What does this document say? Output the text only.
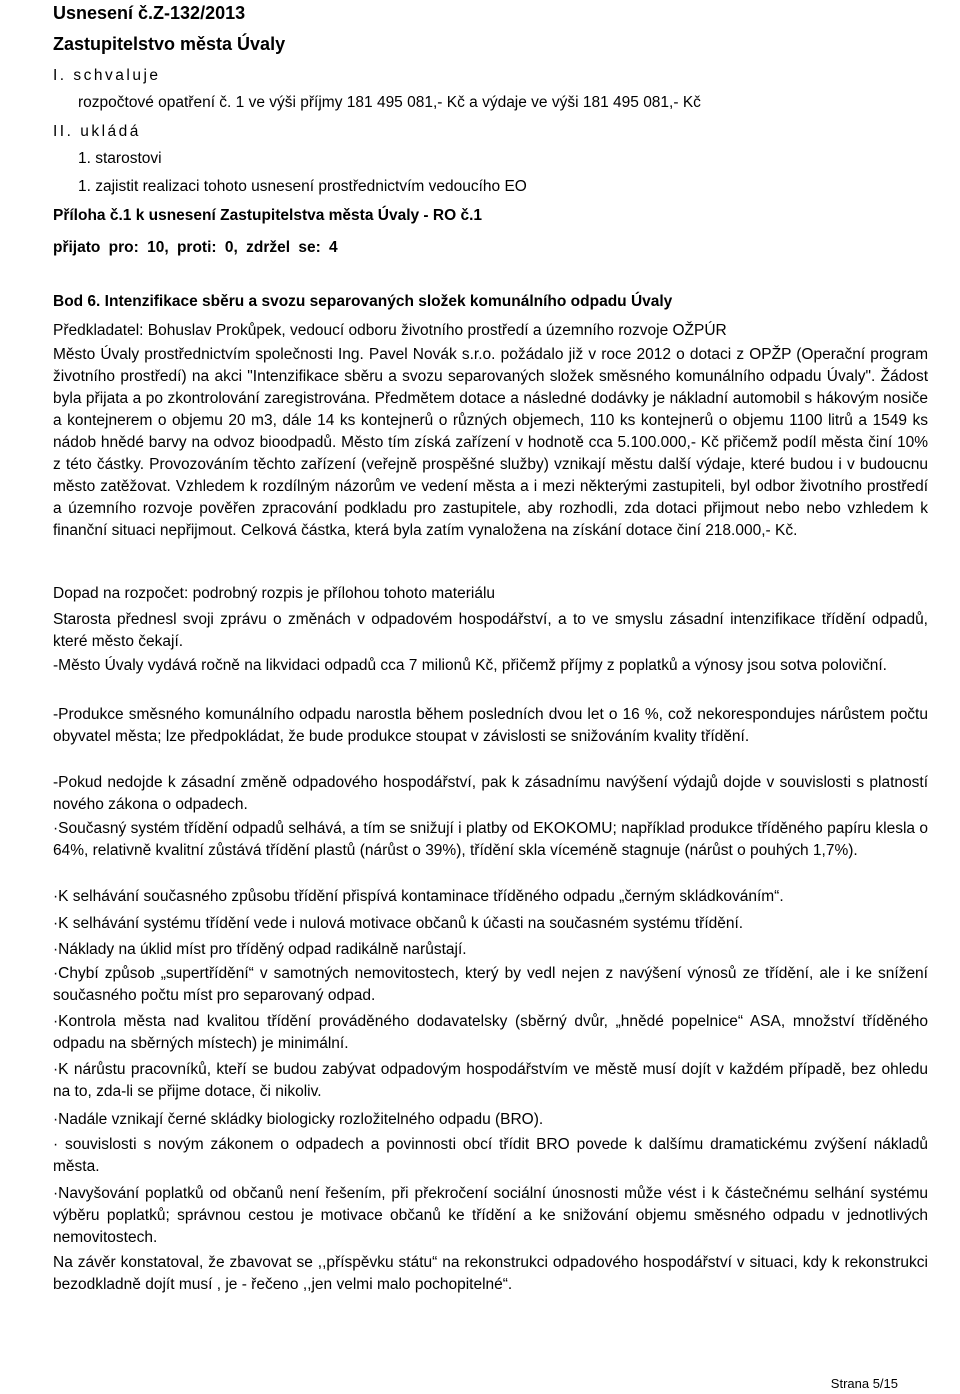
Usnesení č.Z-132/2013
Zastupitelstvo města Úvaly
I. schvaluje
rozpočtové opatření č. 1 ve výši příjmy 181 495 081,- Kč a výdaje ve výši 181 495 081,- Kč
II. ukládá
1. starostovi
1. zajistit realizaci tohoto usnesení prostřednictvím vedoucího EO
Příloha č.1 k usnesení Zastupitelstva města Úvaly - RO č.1
přijato pro: 10, proti: 0, zdržel se: 4
Bod 6. Intenzifikace sběru a svozu separovaných složek komunálního odpadu Úvaly
Předkladatel: Bohuslav Prokůpek, vedoucí odboru životního prostředí a územního rozvoje OŽPÚR
Město Úvaly prostřednictvím společnosti Ing. Pavel Novák s.r.o. požádalo již v roce 2012 o dotaci z OPŽP (Operační program životního prostředí) na akci "Intenzifikace sběru a svozu separovaných složek směsného komunálního odpadu Úvaly". Žádost byla přijata a po zkontrolování zaregistrována. Předmětem dotace a následné dodávky je nákladní automobil s hákovým nosiče a kontejnerem o objemu 20 m3, dále 14 ks kontejnerů o různých objemech, 110 ks kontejnerů o objemu 1100 litrů a 1549 ks nádob hnědé barvy na odvoz bioodpadů. Město tím získá zařízení v hodnotě cca 5.100.000,- Kč přičemž podíl města činí 10% z této částky. Provozováním těchto zařízení (veřejně prospěšné služby) vznikají městu další výdaje, které budou i v budoucnu město zatěžovat. Vzhledem k rozdílným názorům ve vedení města a i mezi některými zastupiteli, byl odbor životního prostředí a územního rozvoje pověřen zpracování podkladu pro zastupitele, aby rozhodli, zda dotaci přijmout nebo nebo vzhledem k finanční situaci nepřijmout. Celková částka, která byla zatím vynaložena na získání dotace činí 218.000,- Kč.
Dopad na rozpočet: podrobný rozpis je přílohou tohoto materiálu
Starosta přednesl svoji zprávu o změnách v odpadovém hospodářství, a to ve smyslu zásadní intenzifikace třídění odpadů, které město čekají.
-Město Úvaly vydává ročně na likvidaci odpadů cca 7 milionů Kč, přičemž příjmy z poplatků a výnosy jsou sotva poloviční.
-Produkce směsného komunálního odpadu narostla během posledních dvou let o 16 %, což nekorespondujes nárůstem počtu obyvatel města; lze předpokládat, že bude produkce stoupat v závislosti se snižováním kvality třídění.
-Pokud nedojde k zásadní změně odpadového hospodářství, pak k zásadnímu navýšení výdajů dojde v souvislosti s platností nového zákona o odpadech.
·Současný systém třídění odpadů selhává, a tím se snižují i platby od EKOKOMU; například produkce tříděného papíru klesla o 64%, relativně kvalitní zůstává třídění plastů (nárůst o 39%), třídění skla víceméně stagnuje (nárůst o pouhých 1,7%).
·K selhávání současného způsobu třídění přispívá kontaminace tříděného odpadu „černým skládkováním“.
·K selhávání systému třídění vede i nulová motivace občanů k účasti na současném systému třídění.
·Náklady na úklid míst pro tříděný odpad radikálně narůstají.
·Chybí způsob „supertřídění“ v samotných nemovitostech, který by vedl nejen z navýšení výnosů ze třídění, ale i ke snížení současného počtu míst pro separovaný odpad.
·Kontrola města nad kvalitou třídění prováděného dodavatelsky (sběrný dvůr, „hnědé popelnice“ ASA, množství tříděného odpadu na sběrných místech) je minimální.
·K nárůstu pracovníků, kteří se budou zabývat odpadovým hospodářstvím ve městě musí dojít v každém případě, bez ohledu na to, zda-li se přijme dotace, či nikoliv.
·Nadále vznikají černé skládky biologicky rozložitelného odpadu (BRO).
· souvislosti s novým zákonem o odpadech a povinnosti obcí třídit BRO povede k dalšímu dramatickému zvýšení nákladů města.
·Navyšování poplatků od občanů není řešením, při překročení sociální únosnosti může vést i k částečnému selhání systému výběru poplatků; správnou cestou je motivace občanů ke třídění a ke snižování objemu směsného odpadu v jednotlivých nemovitostech.
Na závěr konstatoval, že zbavovat se ,,příspěvku státu“ na rekonstrukci odpadového hospodářství v situaci, kdy k rekonstrukci bezodkladně dojít musí , je - řečeno ,,jen velmi malo pochopitelné“.
Strana 5/15
